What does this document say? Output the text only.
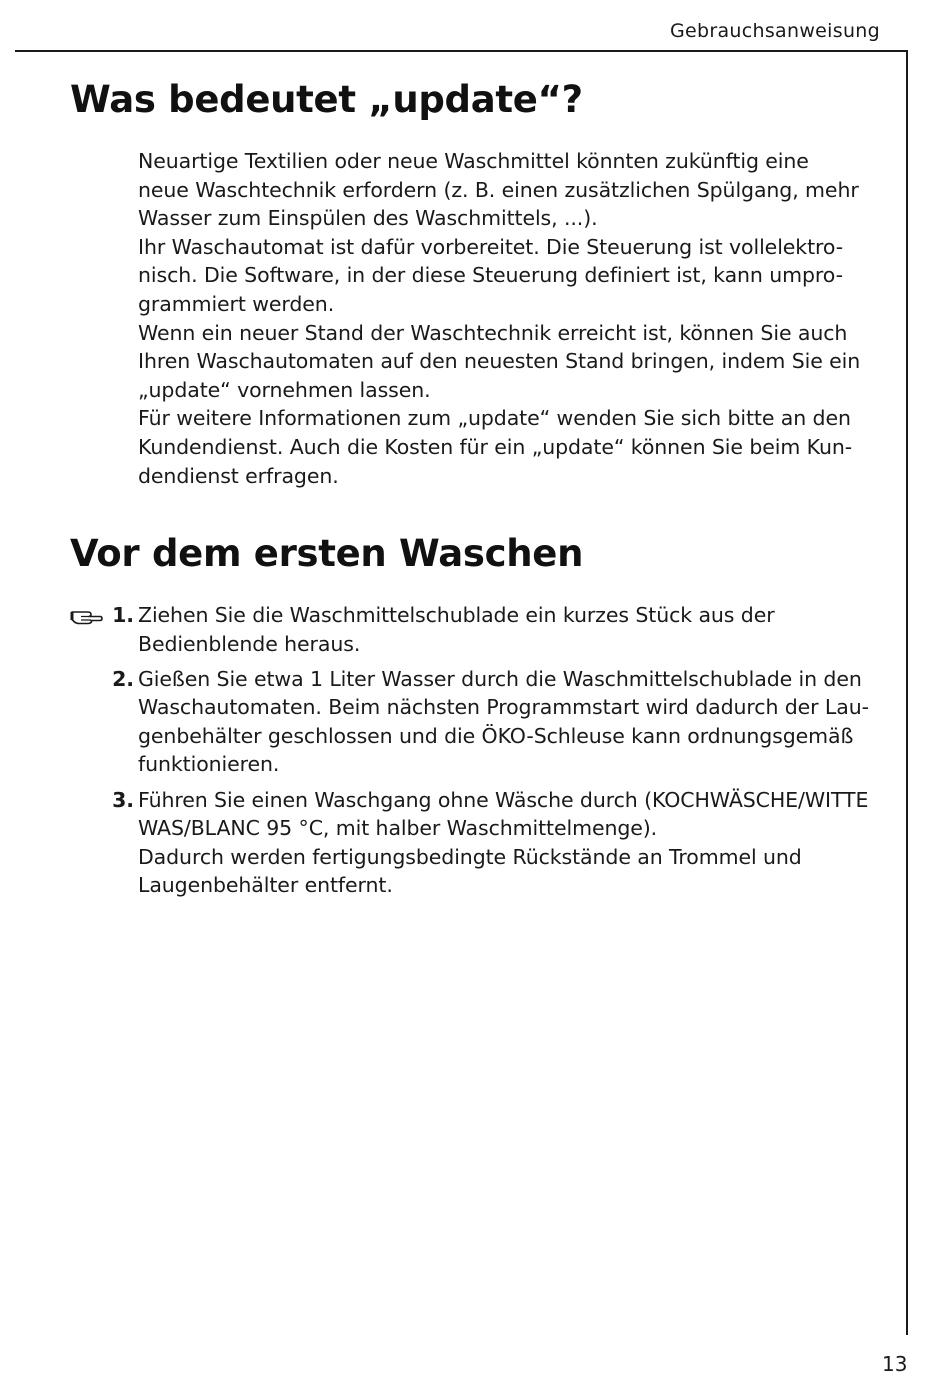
Gebrauchsanweisung
Was bedeutet „update“?

Neuartige Textilien oder neue Waschmittel könnten zukünftig eine

neue Waschtechnik erfordern (z. B. einen zusätzlichen Spülgang, mehr

Wasser zum Einspülen des Waschmittels, ...).

Ihr Waschautomat ist dafür vorbereitet. Die Steuerung ist vollelektro-

nisch. Die Software, in der diese Steuerung definiert ist, kann umpro-

grammiert werden.

Wenn ein neuer Stand der Waschtechnik erreicht ist, können Sie auch

Ihren Waschautomaten auf den neuesten Stand bringen, indem Sie ein

„update“ vornehmen lassen.

Für weitere Informationen zum „update“ wenden Sie sich bitte an den

Kundendienst. Auch die Kosten für ein „update“ können Sie beim Kun-

dendienst erfragen.

Vor dem ersten Waschen
1. Ziehen Sie die Waschmittelschublade ein kurzes Stück aus der

Bedienblende heraus.

2. Gießen Sie etwa 1 Liter Wasser durch die Waschmittelschublade in den

Waschautomaten. Beim nächsten Programmstart wird dadurch der Lau-

genbehälter geschlossen und die ÖKO-Schleuse kann ordnungsgemäß

funktionieren.

3. Führen Sie einen Waschgang ohne Wäsche durch (KOCHWÄSCHE/WITTE

WAS/BLANC 95 °C, mit halber Waschmittelmenge).

Dadurch werden fertigungsbedingte Rückstände an Trommel und

Laugenbehälter entfernt.

13
